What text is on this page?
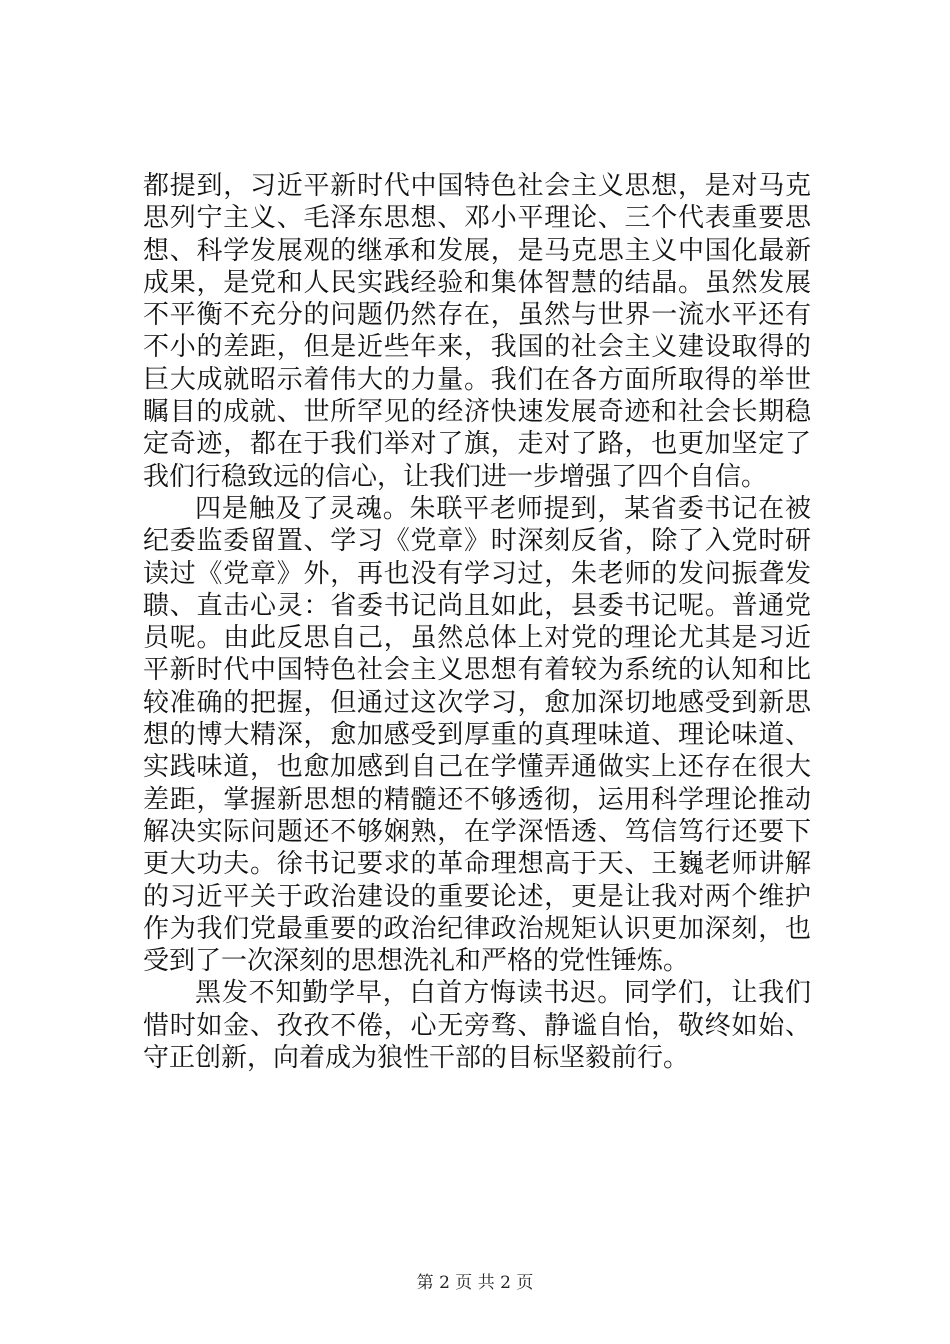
都提到，习近平新时代中国特色社会主义思想，是对马克思列宁主义、毛泽东思想、邓小平理论、三个代表重要思想、科学发展观的继承和发展，是马克思主义中国化最新成果，是党和人民实践经验和集体智慧的结晶。虽然发展不平衡不充分的问题仍然存在，虽然与世界一流水平还有不小的差距，但是近些年来，我国的社会主义建设取得的巨大成就昭示着伟大的力量。我们在各方面所取得的举世瞩目的成就、世所罕见的经济快速发展奇迹和社会长期稳定奇迹，都在于我们举对了旗，走对了路，也更加坚定了我们行稳致远的信心，让我们进一步增强了四个自信。

四是触及了灵魂。朱联平老师提到，某省委书记在被纪委监委留置、学习《党章》时深刻反省，除了入党时研读过《党章》外，再也没有学习过，朱老师的发问振聋发聩、直击心灵：省委书记尚且如此，县委书记呢。普通党员呢。由此反思自己，虽然总体上对党的理论尤其是习近平新时代中国特色社会主义思想有着较为系统的认知和比较准确的把握，但通过这次学习，愈加深切地感受到新思想的博大精深，愈加感受到厚重的真理味道、理论味道、实践味道，也愈加感到自己在学懂弄通做实上还存在很大差距，掌握新思想的精髓还不够透彻，运用科学理论推动解决实际问题还不够娴熟，在学深悟透、笃信笃行还要下更大功夫。徐书记要求的革命理想高于天、王巍老师讲解的习近平关于政治建设的重要论述，更是让我对两个维护作为我们党最重要的政治纪律政治规矩认识更加深刻，也受到了一次深刻的思想洗礼和严格的党性锤炼。

黑发不知勤学早，白首方悔读书迟。同学们，让我们惜时如金、孜孜不倦，心无旁骛、静谧自怡，敬终如始、守正创新，向着成为狼性干部的目标坚毅前行。

第 2 页 共 2 页
